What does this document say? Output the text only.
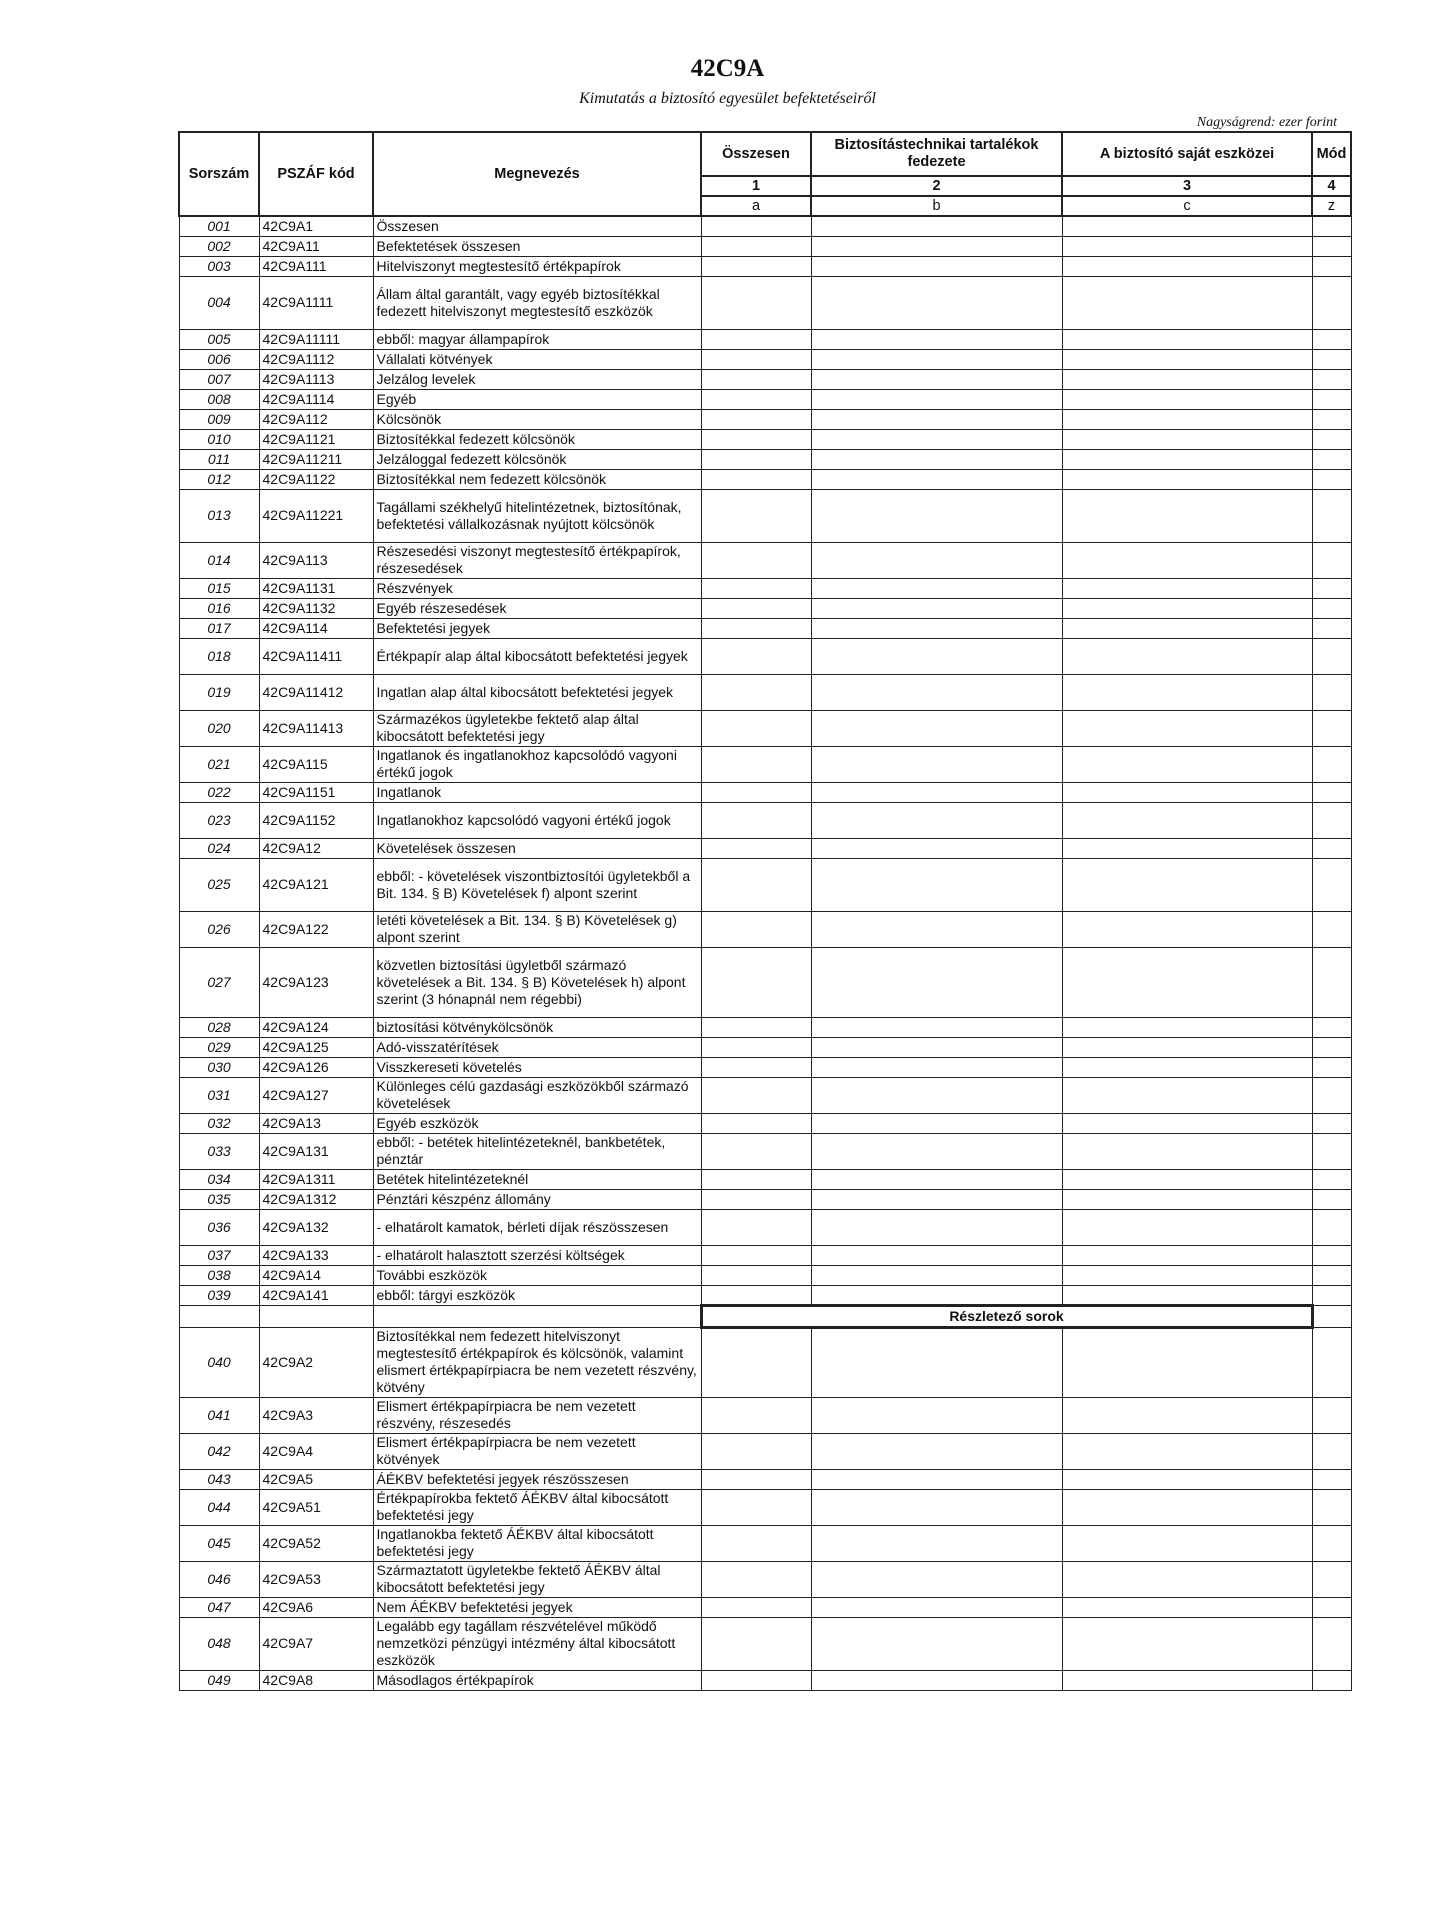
42C9A
Kimutatás a biztosító egyesület befektetéseiről
Nagyságrend: ezer forint
Sorszám	PSZÁF kód	Megnevezés	Összesen	Biztosítástechnikai tartalékok fedezete	A biztosító saját eszközei	Mód
			1	2	3	4
			a	b	c	z
001	42C9A1	Összesen				
002	42C9A11	Befektetések összesen				
003	42C9A111	Hitelviszonyt megtestesítő értékpapírok				
004	42C9A1111	Állam által garantált, vagy egyéb biztosítékkal fedezett hitelviszonyt megtestesítő eszközök				
005	42C9A11111	ebből: magyar állampapírok				
006	42C9A1112	Vállalati kötvények				
007	42C9A1113	Jelzálog levelek				
008	42C9A1114	Egyéb				
009	42C9A112	Kölcsönök				
010	42C9A1121	Biztosítékkal fedezett kölcsönök				
011	42C9A11211	Jelzáloggal fedezett kölcsönök				
012	42C9A1122	Biztosítékkal nem fedezett kölcsönök				
013	42C9A11221	Tagállami székhelyű hitelintézetnek, biztosítónak, befektetési vállalkozásnak nyújtott kölcsönök				
014	42C9A113	Részesedési viszonyt megtestesítő értékpapírok, részesedések				
015	42C9A1131	Részvények				
016	42C9A1132	Egyéb részesedések				
017	42C9A114	Befektetési jegyek				
018	42C9A11411	Értékpapír alap által kibocsátott befektetési jegyek				
019	42C9A11412	Ingatlan alap által kibocsátott befektetési jegyek				
020	42C9A11413	Származékos ügyletekbe fektető alap által kibocsátott befektetési jegy				
021	42C9A115	Ingatlanok és ingatlanokhoz kapcsolódó vagyoni értékű jogok				
022	42C9A1151	Ingatlanok				
023	42C9A1152	Ingatlanokhoz kapcsolódó vagyoni értékű jogok				
024	42C9A12	Követelések összesen				
025	42C9A121	ebből: - követelések viszontbiztosítói ügyletekből a Bit. 134. § B) Követelések f) alpont szerint				
026	42C9A122	letéti követelések a Bit. 134. § B) Követelések g) alpont szerint				
027	42C9A123	közvetlen biztosítási ügyletből származó követelések a Bit. 134. § B) Követelések h) alpont szerint (3 hónapnál nem régebbi)				
028	42C9A124	biztosítási kötvénykölcsönök				
029	42C9A125	Adó-visszatérítések				
030	42C9A126	Visszkereseti követelés				
031	42C9A127	Különleges célú gazdasági eszközökből származó követelések				
032	42C9A13	Egyéb eszközök				
033	42C9A131	ebből: - betétek hitelintézeteknél, bankbetétek, pénztár				
034	42C9A1311	Betétek hitelintézeteknél				
035	42C9A1312	Pénztári készpénz állomány				
036	42C9A132	- elhatárolt kamatok, bérleti díjak részösszesen				
037	42C9A133	- elhatárolt halasztott szerzési költségek				
038	42C9A14	További eszközök				
039	42C9A141	ebből: tárgyi eszközök				
			Részletező sorok			
040	42C9A2	Biztosítékkal nem fedezett hitelviszonyt megtestesítő értékpapírok és kölcsönök, valamint elismert értékpapírpiacra be nem vezetett részvény, kötvény				
041	42C9A3	Elismert értékpapírpiacra be nem vezetett részvény, részesedés				
042	42C9A4	Elismert értékpapírpiacra be nem vezetett kötvények				
043	42C9A5	ÁÉKBV befektetési jegyek részösszesen				
044	42C9A51	Értékpapírokba fektető ÁÉKBV által kibocsátott befektetési jegy				
045	42C9A52	Ingatlanokba fektető ÁÉKBV által kibocsátott befektetési jegy				
046	42C9A53	Származtatott ügyletekbe fektető ÁÉKBV által kibocsátott befektetési jegy				
047	42C9A6	Nem ÁÉKBV befektetési jegyek				
048	42C9A7	Legalább egy tagállam részvételével működő nemzetközi pénzügyi intézmény által kibocsátott eszközök				
049	42C9A8	Másodlagos értékpapírok				
